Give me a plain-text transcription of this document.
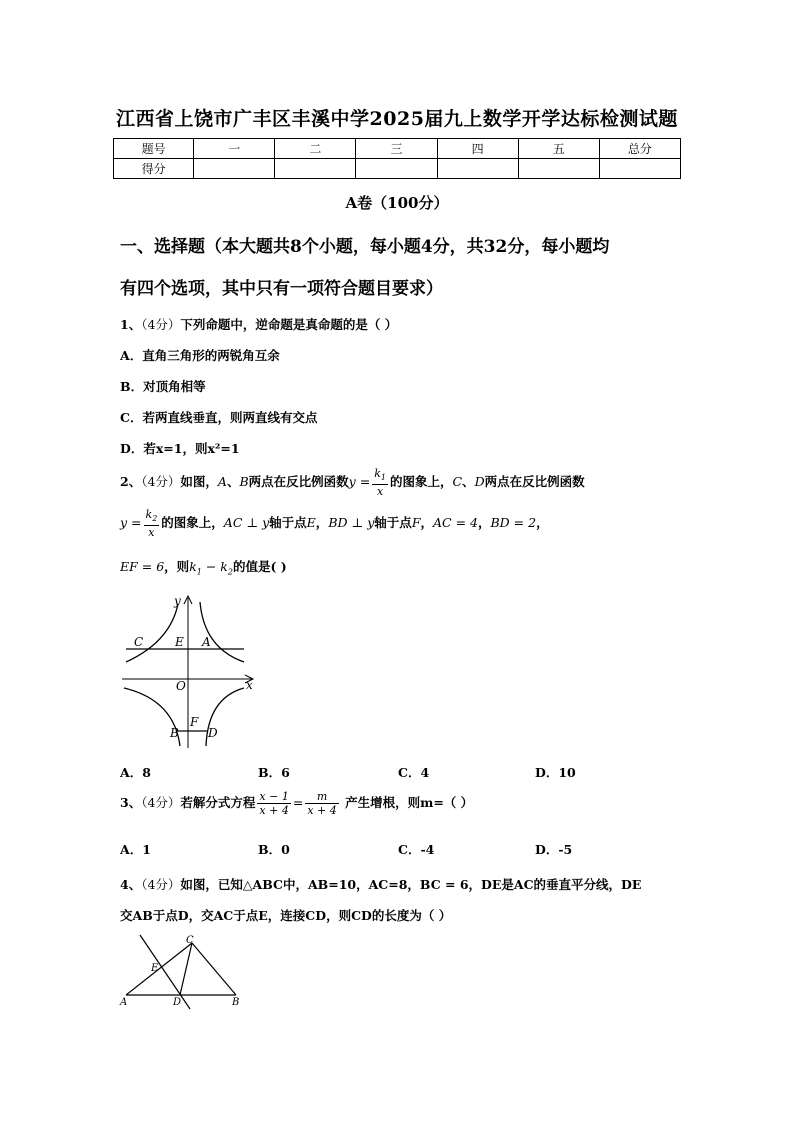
江西省上饶市广丰区丰溪中学2025届九上数学开学达标检测试题
题号	一	二	三	四	五	总分
得分						
A卷（100分）
一、选择题（本大题共8个小题，每小题4分，共32分，每小题均
有四个选项，其中只有一项符合题目要求）
1、（4分）下列命题中，逆命题是真命题的是（ ）
A．直角三角形的两锐角互余
B．对顶角相等
C．若两直线垂直，则两直线有交点
D．若x=1，则x²=1
2、（4分）如图，A、B两点在反比例函数$y = \frac{k_1}{x}$ 的图象上，C、D两点在反比例函数
$y = \frac{k_2}{x}$ 的图象上，AC ⊥ y轴于点E，BD ⊥ y轴于点F，AC = 4，BD = 2，
EF = 6，则$k_1 - k_2$的值是( )
y
C	E A
O	x
F
B D
A．8	B．6	C．4	D．10
3、（4分）若解分式方程 $\frac{x - 1}{x + 4} = \frac{m}{x + 4}$ 产生增根，则m=（ ）
A．1	B．0	C．-4	D．-5
4、（4分）如图，已知△ABC中，AB=10，AC=8，BC = 6，DE是AC的垂直平分线，DE
交AB于点D，交AC于点E，连接CD，则CD的长度为（ ）
C
E
A	D	B
